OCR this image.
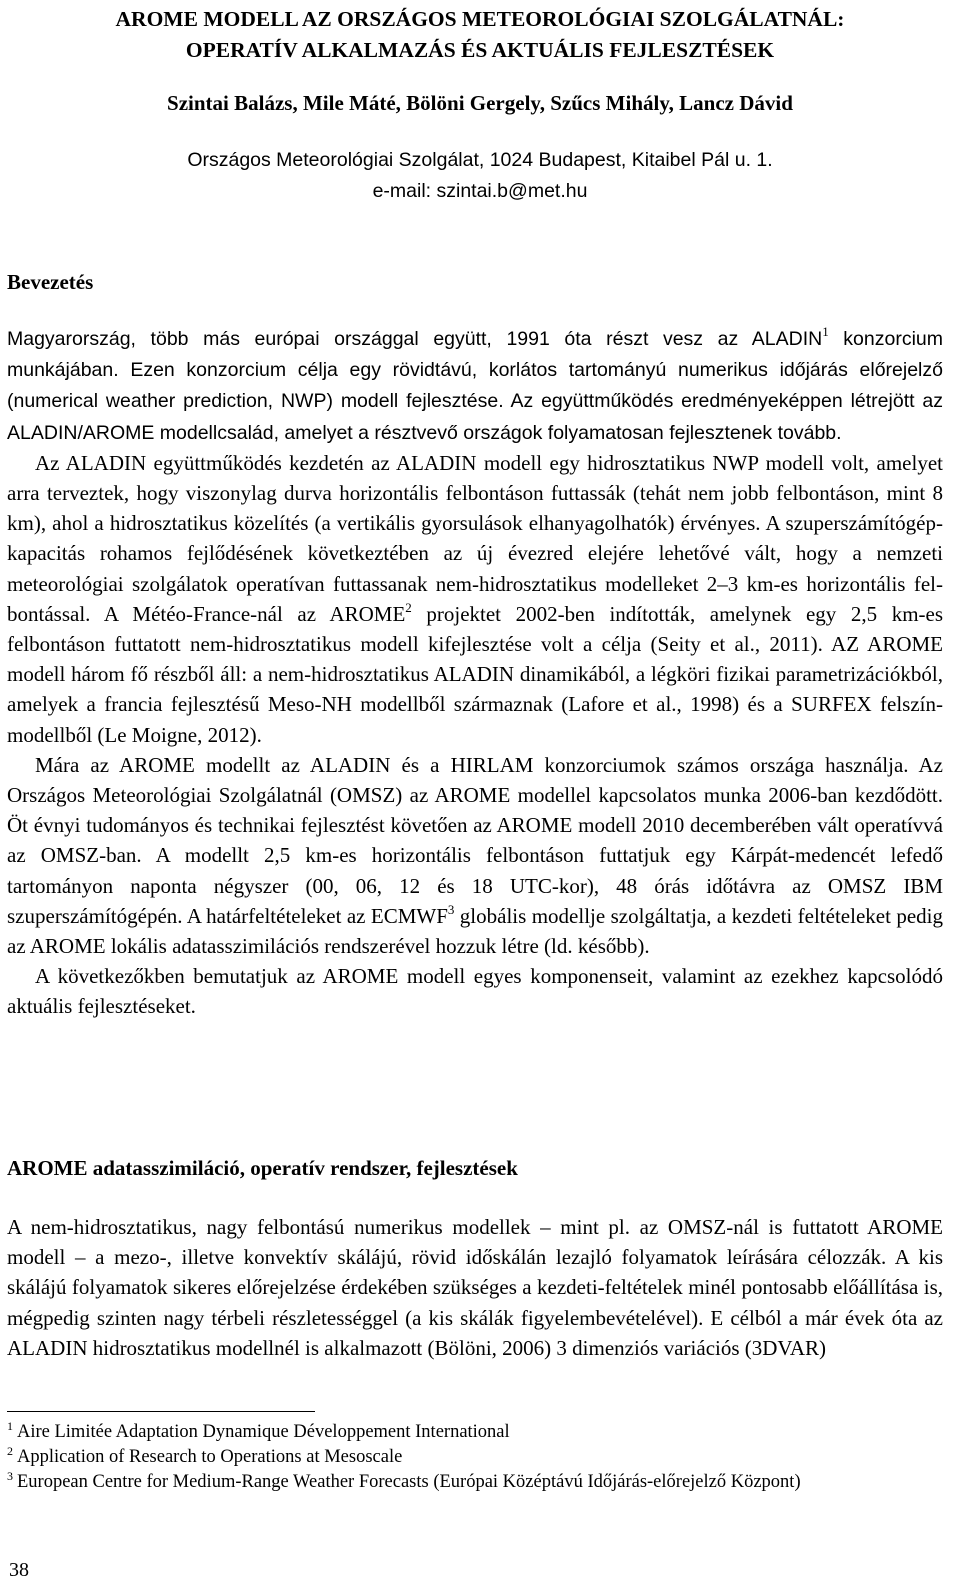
AROME MODELL AZ ORSZÁGOS METEOROLÓGIAI SZOLGÁLATNÁL:
OPERATÍV ALKALMAZÁS ÉS AKTUÁLIS FEJLESZTÉSEK
Szintai Balázs, Mile Máté, Bölöni Gergely, Szűcs Mihály, Lancz Dávid
Országos Meteorológiai Szolgálat, 1024 Budapest, Kitaibel Pál u. 1.
e-mail: szintai.b@met.hu
Bevezetés

Magyarország, több más európai országgal együtt, 1991 óta részt vesz az ALADIN$^1$ konzorcium munkájában. Ezen konzorcium célja egy rövidtávú, korlátos tartományú numerikus időjárás előrejelző (numerical weather prediction, NWP) modell fejlesztése. Az együttműködés eredményeképpen létrejött az ALADIN/AROME modellcsalád, amelyet a résztvevő országok folyamatosan fejlesztenek tovább.

Az ALADIN együttműködés kezdetén az ALADIN modell egy hidrosztatikus NWP modell volt, amelyet arra terveztek, hogy viszonylag durva horizontális felbontáson futtassák (tehát nem jobb felbontáson, mint 8 km), ahol a hidrosztatikus közelítés (a vertikális gyorsulások elhanyagolhatók) érvényes. A szuperszámítógép-kapacitás rohamos fejlődésének következtében az új évezred elejére lehetővé vált, hogy a nemzeti meteorológiai szolgálatok operatívan futtassanak nem-hidrosztatikus modelleket 2–3 km-es horizontális felbontással. A Météo-France-nál az AROME$^2$ projektet 2002-ben indították, amelynek egy 2,5 km-es felbontáson futtatott nem-hidrosztatikus modell kifejlesztése volt a célja (Seity et al., 2011). AZ AROME modell három fő részből áll: a nem-hidrosztatikus ALADIN dinamikából, a légköri fizikai parametrizációkból, amelyek a francia fejlesztésű Meso-NH modellből származnak (Lafore et al., 1998) és a SURFEX felszín-modellből (Le Moigne, 2012).

Mára az AROME modellt az ALADIN és a HIRLAM konzorciumok számos országa használja. Az Országos Meteorológiai Szolgálatnál (OMSZ) az AROME modellel kapcsolatos munka 2006-ban kezdődött. Öt évnyi tudományos és technikai fejlesztést követően az AROME modell 2010 decemberében vált operatívvá az OMSZ-ban. A modellt 2,5 km-es horizontális felbontáson futtatjuk egy Kárpát-medencét lefedő tartományon naponta négyszer (00, 06, 12 és 18 UTC-kor), 48 órás időtávra az OMSZ IBM szuperszámítógépén. A határfeltételeket az ECMWF$^3$ globális modellje szolgáltatja, a kezdeti feltételeket pedig az AROME lokális adatasszimilációs rendszerével hozzuk létre (ld. később).

A következőkben bemutatjuk az AROME modell egyes komponenseit, valamint az ezekhez kapcsolódó aktuális fejlesztéseket.

AROME adatasszimiláció, operatív rendszer, fejlesztések

A nem-hidrosztatikus, nagy felbontású numerikus modellek – mint pl. az OMSZ-nál is futtatott AROME modell – a mezo-, illetve konvektív skálájú, rövid időskálán lezajló folyamatok leírására célozzák. A kis skálájú folyamatok sikeres előrejelzése érdekében szükséges a kezdeti-feltételek minél pontosabb előállítása is, mégpedig szinten nagy térbeli részletességgel (a kis skálák figyelembevételével). E célból a már évek óta az ALADIN hidrosztatikus modellnél is alkalmazott (Bölöni, 2006) 3 dimenziós variációs (3DVAR)

$^1$ Aire Limitée Adaptation Dynamique Développement International
$^2$ Application of Research to Operations at Mesoscale
$^3$ European Centre for Medium-Range Weather Forecasts (Európai Középtávú Időjárás-előrejelző Központ)
38
